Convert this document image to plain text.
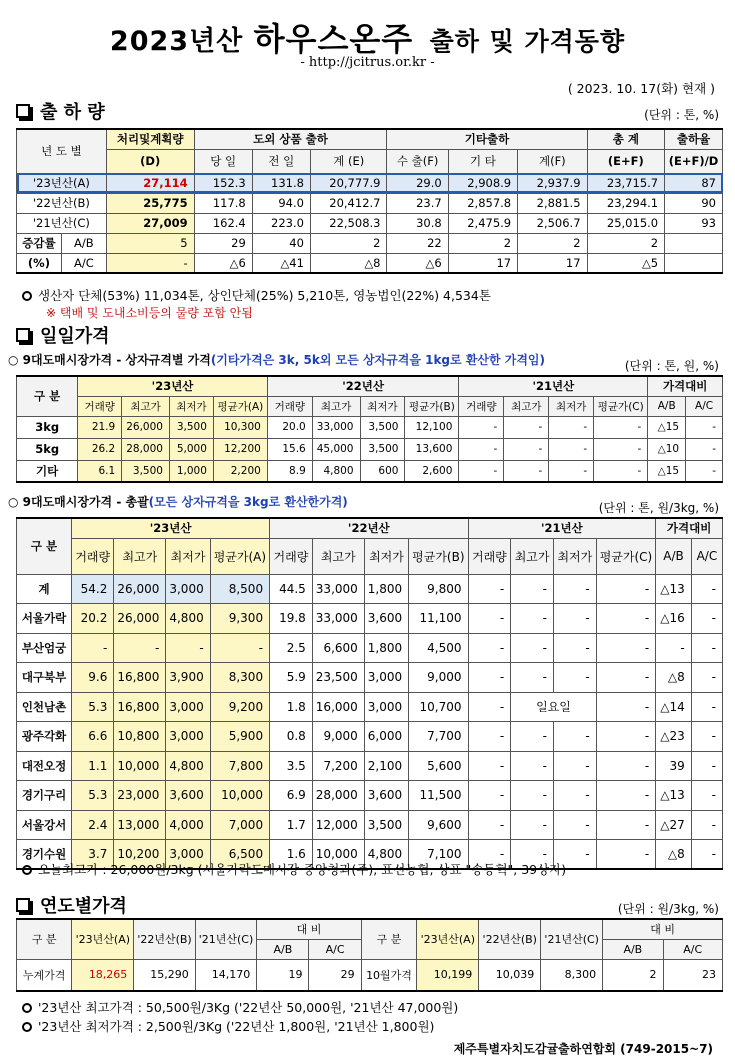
2023년산 하우스온주 출하 및 가격동향
- http://jcitrus.or.kr -
( 2023. 10. 17(화) 현재 )
출 하 량	(단위 : 톤, %)
년 도 별		처리및계획량	도외 상품 출하			기타출하			총 계	출하율
		(D)	당 일	전 일	계 (E)	수 출(F)	기 타	계(F)	(E+F)	(E+F)/D
'23년산(A)		27,114	152.3	131.8	20,777.9	29.0	2,908.9	2,937.9	23,715.7	87
'22년산(B)		25,775	117.8	94.0	20,412.7	23.7	2,857.8	2,881.5	23,294.1	90
'21년산(C)		27,009	162.4	223.0	22,508.3	30.8	2,475.9	2,506.7	25,015.0	93
증감률	A/B	5	29	40	2	22	2	2	2	
(%)	A/C	-	△6	△41	△8	△6	17	17	△5	
생산자 단체(53%) 11,034톤, 상인단체(25%) 5,210톤, 영농법인(22%) 4,534톤
※ 택배 및 도내소비등의 물량 포함 안됨
일일가격
○ 9대도매시장가격 - 상자규격별 가격(기타가격은 3k, 5k외 모든 상자규격을 1kg로 환산한 가격임)	(단위 : 톤, 원, %)
구 분	'23년산				'22년산				'21년산				가격대비	
	거래량	최고가	최저가	평균가(A)	거래량	최고가	최저가	평균가(B)	거래량	최고가	최저가	평균가(C)	A/B	A/C
3kg	21.9	26,000	3,500	10,300	20.0	33,000	3,500	12,100	-	-	-	-	△15	-
5kg	26.2	28,000	5,000	12,200	15.6	45,000	3,500	13,600	-	-	-	-	△10	-
기타	6.1	3,500	1,000	2,200	8.9	4,800	600	2,600	-	-	-	-	△15	-
○ 9대도매시장가격 - 총괄(모든 상자규격을 3kg로 환산한가격)	(단위 : 톤, 원/3kg, %)
구 분	'23년산				'22년산				'21년산				가격대비	
	거래량	최고가	최저가	평균가(A)	거래량	최고가	최저가	평균가(B)	거래량	최고가	최저가	평균가(C)	A/B	A/C
계	54.2	26,000	3,000	8,500	44.5	33,000	1,800	9,800	-	-	-	-	△13	-
서울가락	20.2	26,000	4,800	9,300	19.8	33,000	3,600	11,100	-	-	-	-	△16	-
부산엄궁	-	-	-	-	2.5	6,600	1,800	4,500	-	-	-	-	-	-
대구북부	9.6	16,800	3,900	8,300	5.9	23,500	3,000	9,000	-	-	-	-	△8	-
인천남촌	5.3	16,800	3,000	9,200	1.8	16,000	3,000	10,700	-	일요일		-	△14	-
광주각화	6.6	10,800	3,000	5,900	0.8	9,000	6,000	7,700	-	-	-	-	△23	-
대전오정	1.1	10,000	4,800	7,800	3.5	7,200	2,100	5,600	-	-	-	-	39	-
경기구리	5.3	23,000	3,600	10,000	6.9	28,000	3,600	11,500	-	-	-	-	△13	-
서울강서	2.4	13,000	4,000	7,000	1.7	12,000	3,500	9,600	-	-	-	-	△27	-
경기수원	3.7	10,200	3,000	6,500	1.6	10,000	4,800	7,100	-	-	-	-	△8	-
오늘최고가 : 26,000원/3kg (서울가락도매시장 중앙청과(주), 표선농협, 상표 "송동혁", 39상자)
연도별가격	(단위 : 원/3kg, %)
구 분	'23년산(A)	'22년산(B)	'21년산(C)	대 비		구 분	'23년산(A)	'22년산(B)	'21년산(C)	대 비	
				A/B	A/C					A/B	A/C
누계가격	18,265	15,290	14,170	19	29	10월가격	10,199	10,039	8,300	2	23
'23년산 최고가격 : 50,500원/3Kg ('22년산 50,000원, '21년산 47,000원)
'23년산 최저가격 : 2,500원/3Kg ('22년산 1,800원, '21년산 1,800원)
제주특별자치도감귤출하연합회 (749-2015~7)
